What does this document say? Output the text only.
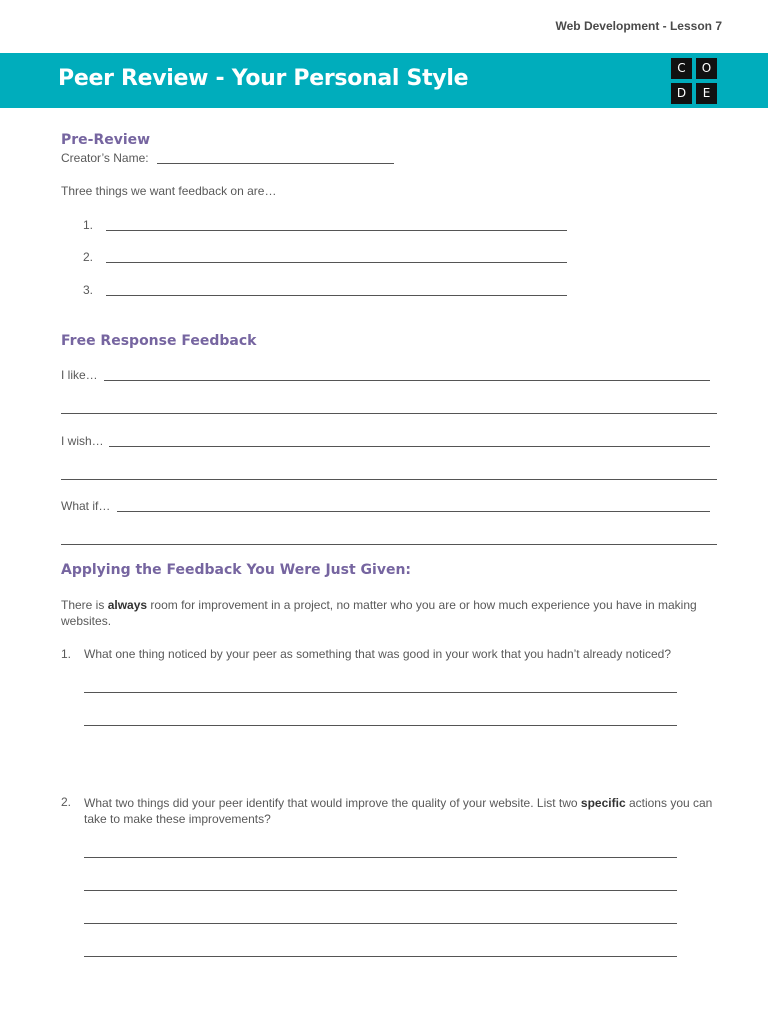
Web Development - Lesson 7
Peer Review - Your Personal Style	C	O
D	E
Pre-Review
Creator’s Name:
Three things we want feedback on are…
1.
2.
3.
Free Response Feedback
I like…
I wish…
What if…
Applying the Feedback You Were Just Given:
There is always room for improvement in a project, no matter who you are or how much experience you have in making websites.
1. What one thing noticed by your peer as something that was good in your work that you hadn’t already noticed?
2. What two things did your peer identify that would improve the quality of your website. List two specific actions you can take to make these improvements?
